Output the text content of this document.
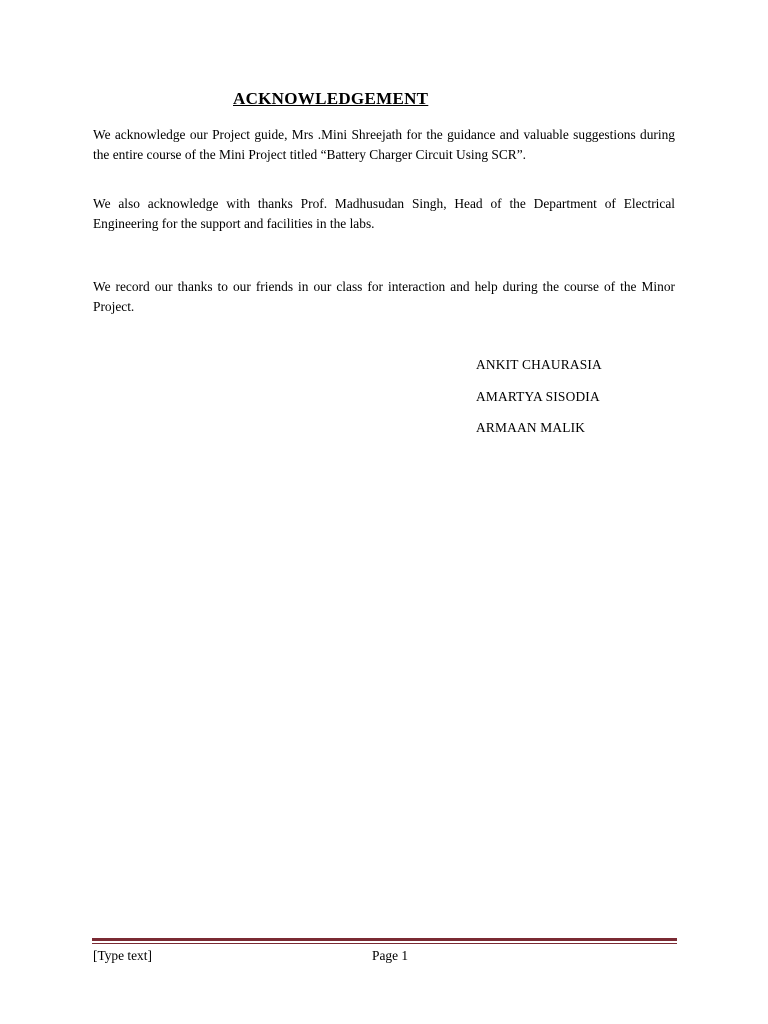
ACKNOWLEDGEMENT

We acknowledge our Project guide, Mrs .Mini Shreejath for the guidance and valuable suggestions during the entire course of the Mini Project titled “Battery Charger Circuit Using SCR”.

We also acknowledge with thanks Prof. Madhusudan Singh, Head of the Department of Electrical Engineering for the support and facilities in the labs.

We record our thanks to our friends in our class for interaction and help during the course of the Minor Project.

ANKIT CHAURASIA
AMARTYA SISODIA
ARMAAN MALIK
[Type text]	Page 1
